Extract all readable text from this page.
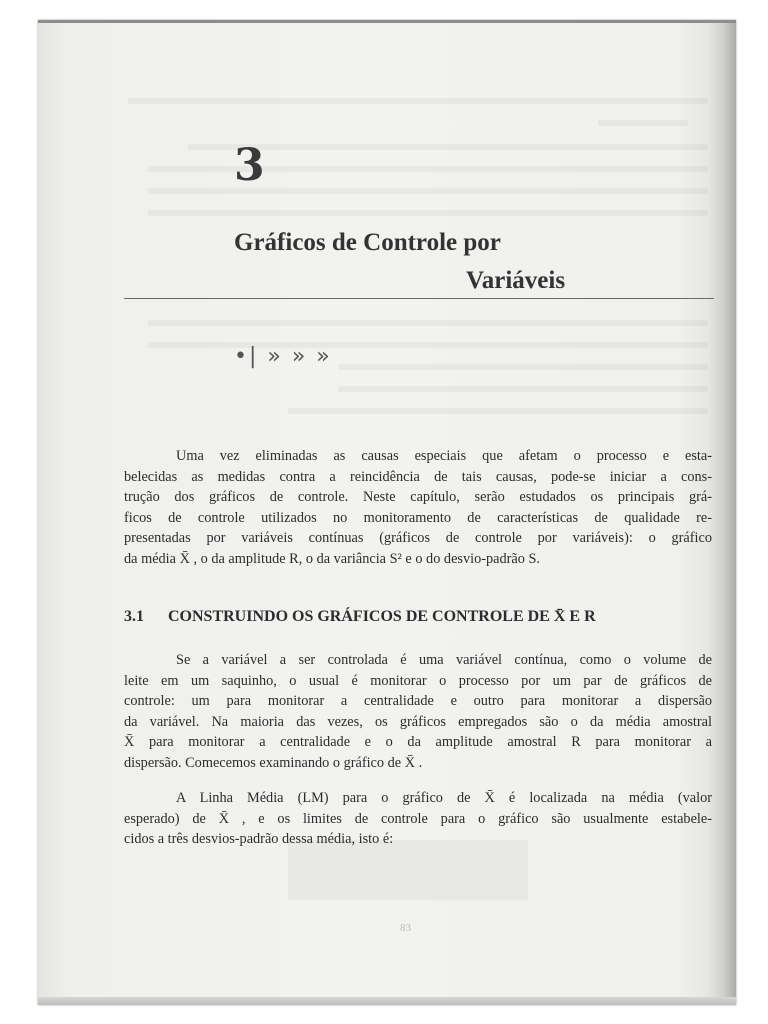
3
Gráficos de Controle por
Variáveis
•| » » »
Uma vez eliminadas as causas especiais que afetam o processo e esta-
belecidas as medidas contra a reincidência de tais causas, pode-se iniciar a cons-
trução dos gráficos de controle. Neste capítulo, serão estudados os principais grá-
ficos de controle utilizados no monitoramento de características de qualidade re-
presentadas por variáveis contínuas (gráficos de controle por variáveis): o gráfico
da média X̄ , o da amplitude R, o da variância S² e o do desvio-padrão S.
3.1 CONSTRUINDO OS GRÁFICOS DE CONTROLE DE X̄ E R
Se a variável a ser controlada é uma variável contínua, como o volume de
leite em um saquinho, o usual é monitorar o processo por um par de gráficos de
controle: um para monitorar a centralidade e outro para monitorar a dispersão
da variável. Na maioria das vezes, os gráficos empregados são o da média amostral
X̄ para monitorar a centralidade e o da amplitude amostral R para monitorar a
dispersão. Comecemos examinando o gráfico de X̄ .
A Linha Média (LM) para o gráfico de X̄ é localizada na média (valor
esperado) de X̄ , e os limites de controle para o gráfico são usualmente estabele-
cidos a três desvios-padrão dessa média, isto é:
83
